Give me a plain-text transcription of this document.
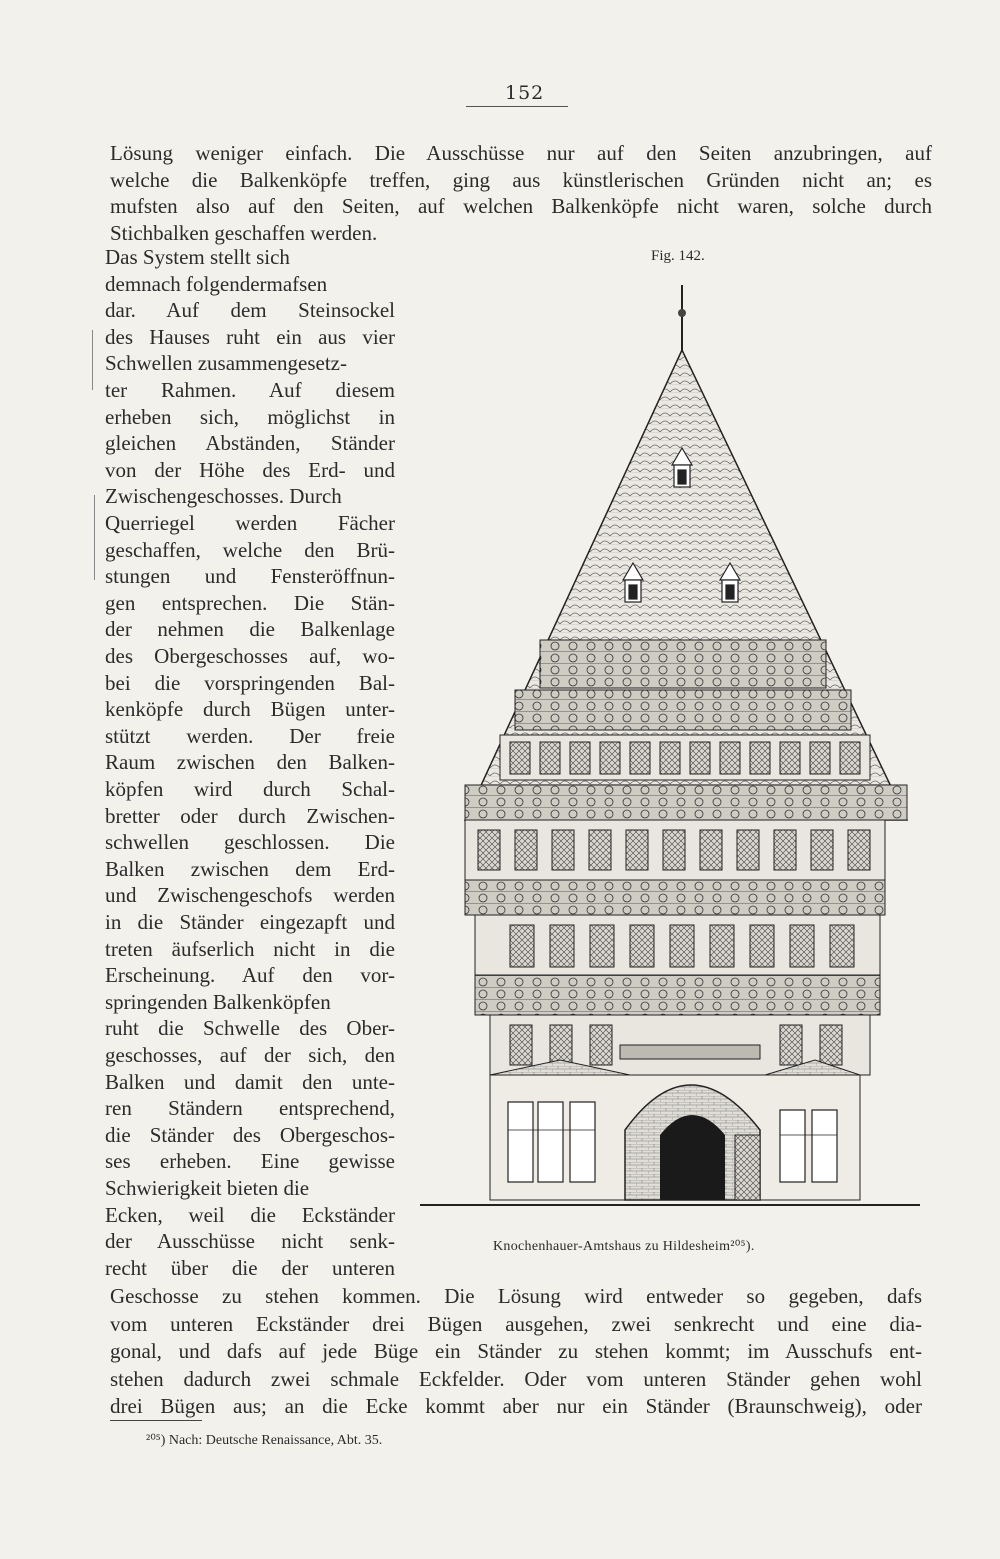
152
Lösung weniger einfach. Die Ausschüsse nur auf den Seiten anzubringen, auf
welche die Balkenköpfe treffen, ging aus künstlerischen Gründen nicht an; es
mufsten also auf den Seiten, auf welchen Balkenköpfe nicht waren, solche durch
Stichbalken geschaffen werden.
Das System stellt sich
demnach folgendermafsen
dar. Auf dem Steinsockel
des Hauses ruht ein aus vier
Schwellen zusammengesetz-
ter Rahmen. Auf diesem
erheben sich, möglichst in
gleichen Abständen, Ständer
von der Höhe des Erd- und
Zwischengeschosses. Durch
Querriegel werden Fächer
geschaffen, welche den Brü-
stungen und Fensteröffnun-
gen entsprechen. Die Stän-
der nehmen die Balkenlage
des Obergeschosses auf, wo-
bei die vorspringenden Bal-
kenköpfe durch Bügen unter-
stützt werden. Der freie
Raum zwischen den Balken-
köpfen wird durch Schal-
bretter oder durch Zwischen-
schwellen geschlossen. Die
Balken zwischen dem Erd-
und Zwischengeschofs werden
in die Ständer eingezapft und
treten äufserlich nicht in die
Erscheinung. Auf den vor-
springenden Balkenköpfen
ruht die Schwelle des Ober-
geschosses, auf der sich, den
Balken und damit den unte-
ren Ständern entsprechend,
die Ständer des Obergeschos-
ses erheben. Eine gewisse
Schwierigkeit bieten die
Ecken, weil die Eckständer
der Ausschüsse nicht senk-
recht über die der unteren
Geschosse zu stehen kommen. Die Lösung wird entweder so gegeben, dafs
vom unteren Eckständer drei Bügen ausgehen, zwei senkrecht und eine dia-
gonal, und dafs auf jede Büge ein Ständer zu stehen kommt; im Ausschufs ent-
stehen dadurch zwei schmale Eckfelder. Oder vom unteren Ständer gehen wohl
drei Bügen aus; an die Ecke kommt aber nur ein Ständer (Braunschweig), oder
Fig. 142.
Knochenhauer-Amtshaus zu Hildesheim²⁰⁵).
²⁰⁵) Nach: Deutsche Renaissance, Abt. 35.
